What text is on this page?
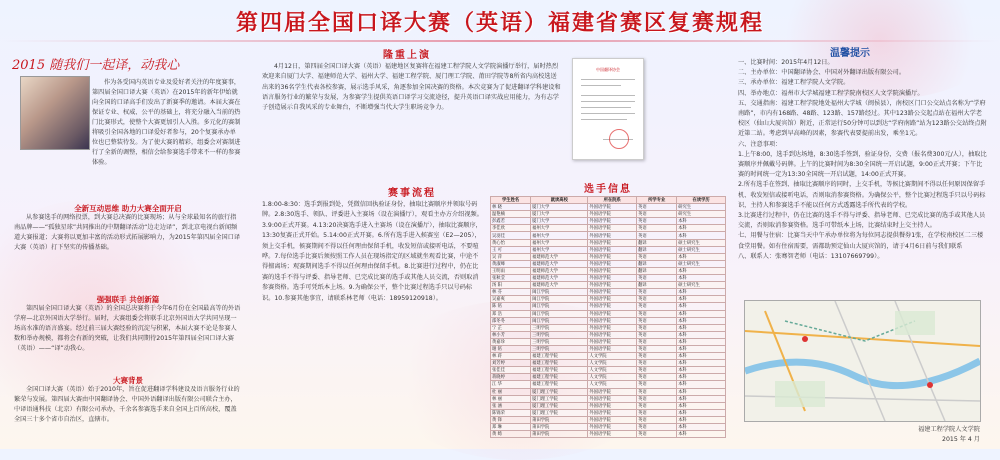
第四届全国口译大赛（英语）福建省赛区复赛规程
2015 随我们一起译，动我心
作为各受国内英语专业及爱好者关注的年度赛事，第四届全国口译大赛（英语）在2015年的新年伊始就向全国的口译高手们发出了新赛季的邀请。本届大赛在保证专业、权威、公平的基础上，将充分融入当前的热门比赛形式，使整个大赛更加引人入胜。多元化的赛制将吸引全国各地的口译爱好者参与，20个复赛承办单位也已整装待发。为了使大赛的精彩，组委会对赛制进行了全新的调整，相信会给参赛选手带来不一样的参赛体验。
全新互动思维 助力大赛全面开启
从参赛选手的网络投票，到大赛总决赛的比赛现场；从与全球最知名的旅行指南品牌——“孤独星球”共同推出的中期翻译活动“边走边译”，到北京电视台新闻频道大赛报道；大赛将以更加丰富的活动形式拓展影响力，为2015年第四届全国口译大赛（英语）打下坚实的传播基础。
强强联手 共创新篇
第四届全国口译大赛（英语）的全国总决赛将于今年6月份在全国最高等的外语学府—北京外国语大学举行。届时，大赛组委会将联手北京外国语大学共同呈现一场高水准的语言盛宴。经过前三届大赛经验的沉淀与积累，本届大赛不论是参赛人数和举办规模，都将会有新的突破，让我们共同期待2015年第四届全国口译大赛（英语）——“译”动我心。
大赛背景
全国口译大赛（英语）始于2010年，旨在促进翻译学科建设及语言服务行业的繁荣与发展。第四届大赛由中国翻译协会、中国外语翻译出版有限公司联合主办，中译语通科技（北京）有限公司承办，千余名参赛选手来自全国上百所高校，覆盖全国三十多个省市自治区，直辖市。
隆重上演
4月12日，第四届全国口译大赛（英语）福建地区复赛将在福建工程学院人文学院演播厅举行，届时热烈欢迎来自厦门大学、福建师范大学、福州大学、福建工程学院、厦门理工学院、莆田学院等8所省内高校选送出来的36名学生代表各校参赛，展示选手风采，角逐参加全国决赛的资格。本次竞赛为了促进翻译学科建设和语言服务行业的繁荣与发展，为参赛学生提供英语口译学习交流途径，提升英语口译实战应用能力，为有志学子创造展示自我风采的专业舞台，不断增强当代大学生职场竞争力。
中国翻译协会
赛事流程
1.8:00-8:30：选手到报到处，凭微信回执验证身份，抽取比赛顺序并领取号码牌。2.8:30选手、领队、评委进入主赛场（设在演播厅），观看主办方介绍视频。3.9:00正式开赛。4.13:20决赛选手进入主赛场（设在演播厅），抽取比赛顺序，13:30复赛正式开始。5.14:00正式开赛。6.所有选手进入候赛室（E2—205），须上交手机，候赛期间不得以任何理由保留手机，收发短信或接听电话，不要喧哗。7.每位选手比赛后须按照工作人员在现场指定的区域就坐观看比赛，中途不得擅离场；观赛期间选手不得以任何理由保留手机。8.比赛进行过程中，仍在比赛的选手不得与评委、指导老师、已完成比赛的选手或其他人员交流，否则取消参赛资格。选手可凭纸本上场。9.为确保公平，整个比赛过程选手只以号码标识。10.参赛其他事宜，请联系林老师（电话：18959120918）。
选手信息
学生姓名	就读高校	所在院系	所学专业	在读学历
林 晓	厦门大学	外国语学院	英语	研究生
温艳楠	厦门大学	外国语学院	英语	研究生
彭鑫若	厦门大学	外国语学院	英语	本科
李佳欣	福州大学	外国语学院	英语	本科
吴羽佳	福州大学	外国语学院	英语	本科
黄心怡	福州大学	外国语学院	翻译	硕士研究生
王 可	福州大学	外国语学院	翻译	硕士研究生
吴 萍	福建师范大学	外国语学院	英语	本科
黄淑峰	福建师范大学	外国语学院	翻译	硕士研究生
王明雨	福建师范大学	外国语学院	翻译	本科
张秋莹	福建师范大学	外国语学院	英语	本科
汤 阳	福建师范大学	外国语学院	翻译	硕士研究生
林 芬	闽江学院	外国语学院	英语	本科
吴嘉爽	闽江学院	外国语学院	英语	本科
陈 铭	闽江学院	外国语学院	英语	本科
郑 浩	闽江学院	外国语学院	英语	本科
邵冬冬	闽江学院	外国语学院	英语	本科
宁 芷	三明学院	外国语学院	英语	本科
林小芳	三明学院	外国语学院	英语	本科
黄嘉珍	三明学院	外国语学院	英语	本科
谢 铭	三明学院	外国语学院	英语	本科
林 蒋	福建工程学院	人文学院	英语	本科
刘芳婷	福建工程学院	人文学院	英语	本科
张佳佳	福建工程学院	人文学院	英语	本科
蒋晓婷	福建工程学院	人文学院	英语	本科
江 华	福建工程学院	人文学院	英语	本科
杜 丽	厦门理工学院	外国语学院	英语	本科
林 丽	厦门理工学院	外国语学院	英语	本科
张 涵	厦门理工学院	外国语学院	英语	本科
陈锦荣	厦门理工学院	外国语学院	英语	本科
黄 锋	莆田学院	外国语学院	英语	本科
郑 琳	莆田学院	外国语学院	英语	本科
黄 绮	莆田学院	外国语学院	英语	本科
温馨提示
一、比赛时间：2015年4月12日。
二、主办单位：中国翻译协会、中国对外翻译出版有限公司。
三、承办单位：福建工程学院人文学院。
四、举办地点：福州市大学城福建工程学院南校区人文学院演播厅。
五、交通指南：福建工程学院地处福州大学城（闽侯县），南校区门口公交站点名称为“学府南路”，市内有168路、48路、123路、157路经过。其中123路公交起点站在福州大学老校区（仙山大厦宾馆）附近，正常运行50分钟可以到达“学府南路”站为123路公交站终点附近第二站。考虑到早高峰的因素，参赛代表要提前出发，乘坐1元。
六、注意事项：
1.上午8:00，选手到达场地，8:30选手签到，验证身份，交费（报名费300元/人），抽取比赛顺序并佩戴号码牌。上午的比赛时间为8:30全国统一开启试题，9:00正式开赛；下午比赛的时间统一定为13:30全国统一开启试题，14:00正式开赛。
2.所有选手在签到、抽取比赛顺序的同时，上交手机，等候比赛期间不得以任何原因保留手机、收发短信或接听电话，否则取消参赛资格。为确保公平，整个比赛过程选手只以号码标识，主持人和参赛选手不能以任何方式透露选手所代表的学校。
3.比赛进行过程中，仍在比赛的选手不得与评委、指导老师、已完成比赛的选手或其他人员交流，否则取消参赛资格。选手可带纸本上场，比赛结束时上交主持人。
七、用餐与住宿：比赛当天中午承办单位将为每位同志提供餐券1张，在学校南校区二三楼食堂用餐。如有住宿需要，需都助预定仙山大厦宾馆的，请于4月6日前与我们联系
八、联系人：张骞智老师（电话：13107669799）。
福建工程学院人文学院
2015 年 4 月
